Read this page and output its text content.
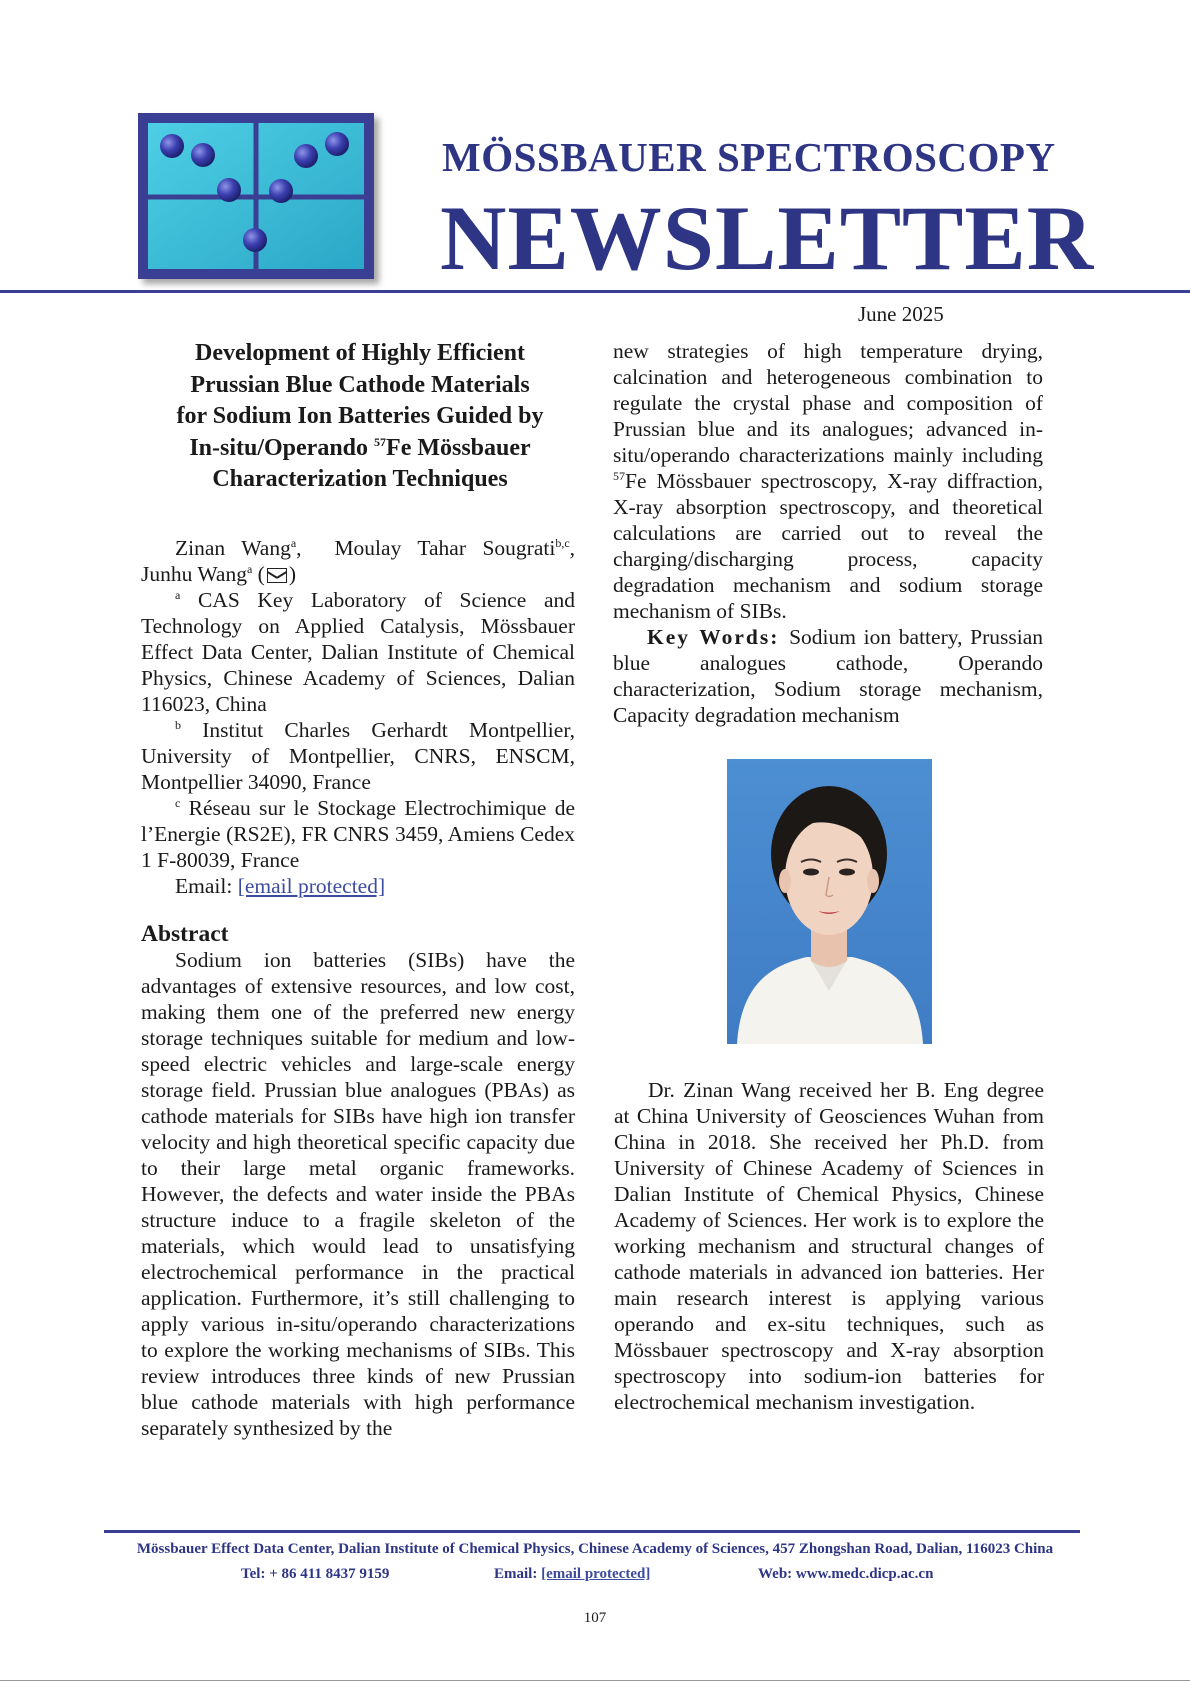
MÖSSBAUER SPECTROSCOPY
NEWSLETTER
June 2025
Development of Highly Efficient
Prussian Blue Cathode Materials
for Sodium Ion Batteries Guided by
In-situ/Operando $^{57}$Fe Mössbauer
Characterization Techniques

Zinan Wang$^a$,  Moulay Tahar Sougrati$^{b,c}$, Junhu Wang$^a$ ( )

$^a$ CAS Key Laboratory of Science and Technology on Applied Catalysis, Mössbauer Effect Data Center, Dalian Institute of Chemical Physics, Chinese Academy of Sciences, Dalian 116023, China

$^b$ Institut Charles Gerhardt Montpellier, University of Montpellier, CNRS, ENSCM, Montpellier 34090, France

$^c$ Réseau sur le Stockage Electrochimique de l’Energie (RS2E), FR CNRS 3459, Amiens Cedex 1 F-80039, France

Email: [email protected]

Abstract

Sodium ion batteries (SIBs) have the advantages of extensive resources, and low cost, making them one of the preferred new energy storage techniques suitable for medium and low-speed electric vehicles and large-scale energy storage field. Prussian blue analogues (PBAs) as cathode materials for SIBs have high ion transfer velocity and high theoretical specific capacity due to their large metal organic frameworks. However, the defects and water inside the PBAs structure induce to a fragile skeleton of the materials, which would lead to unsatisfying electrochemical performance in the practical application. Furthermore, it’s still challenging to apply various in-situ/operando characterizations to explore the working mechanisms of SIBs. This review introduces three kinds of new Prussian blue cathode materials with high performance separately synthesized by the

new strategies of high temperature drying, calcination and heterogeneous combination to regulate the crystal phase and composition of Prussian blue and its analogues; advanced in-situ/operando characterizations mainly including $^{57}$Fe Mössbauer spectroscopy, X-ray diffraction, X-ray absorption spectroscopy, and theoretical calculations are carried out to reveal the charging/discharging process, capacity degradation mechanism and sodium storage mechanism of SIBs.

Key Words: Sodium ion battery, Prussian blue analogues cathode, Operando characterization, Sodium storage mechanism, Capacity degradation mechanism

Dr. Zinan Wang received her B. Eng degree at China University of Geosciences Wuhan from China in 2018. She received her Ph.D. from University of Chinese Academy of Sciences in Dalian Institute of Chemical Physics, Chinese Academy of Sciences. Her work is to explore the working mechanism and structural changes of cathode materials in advanced ion batteries. Her main research interest is applying various operando and ex-situ techniques, such as Mössbauer spectroscopy and X-ray absorption spectroscopy into sodium-ion batteries for electrochemical mechanism investigation.

Mössbauer Effect Data Center, Dalian Institute of Chemical Physics, Chinese Academy of Sciences, 457 Zhongshan Road, Dalian, 116023 China
Tel: + 86 411 8437 9159	Email: [email protected]	Web: www.medc.dicp.ac.cn
107
